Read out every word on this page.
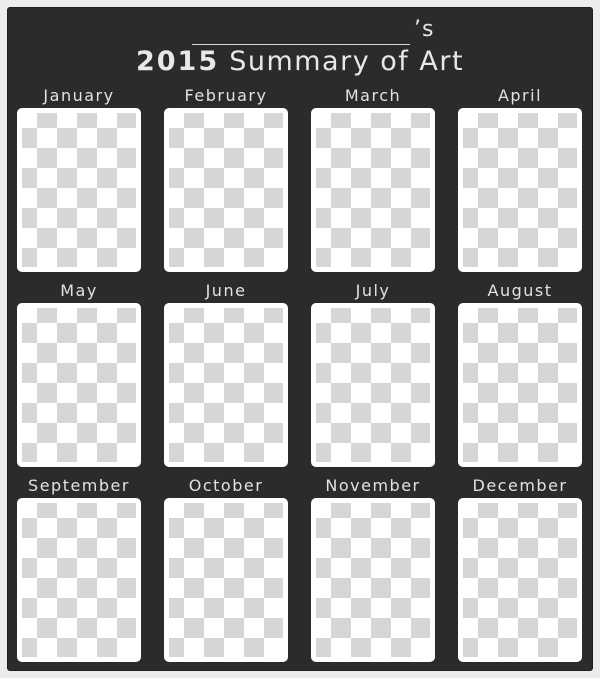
’s
2015 Summary of Art
January	February	March	April
May	June	July	August
September	October	November	December
